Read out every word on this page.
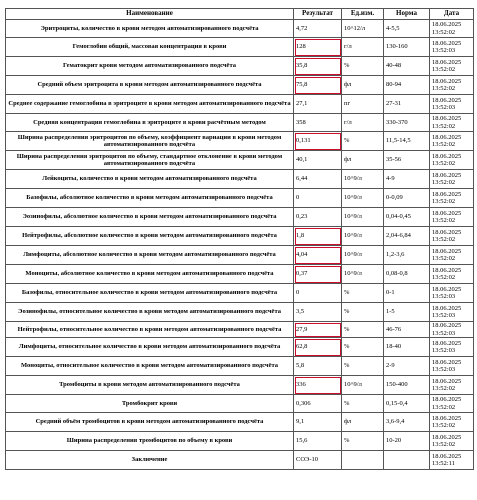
Наименование	Результат	Ед.изм.	Норма	Дата
Эритроциты, количество в крови методом автоматизированного подсчёта	4,72	10^12/л	4-5,5	18.06.2025 13:52:02
Гемоглобин общий, массовая концентрация в крови	128	г/л	130-160	18.06.2025 13:52:03
Гематокрит крови методом автоматизированного подсчёта	35,8	%	40-48	18.06.2025 13:52:02
Средний объем эритроцита в крови методом автоматизированного подсчёта	75,8	фл	80-94	18.06.2025 13:52:02
Среднее содержание гемоглобина в эритроците в крови методом автоматизированного подсчёта	27,1	пг	27-31	18.06.2025 13:52:03
Средняя концентрация гемоглобина в эритроците в крови расчётным методом	358	г/л	330-370	18.06.2025 13:52:02
Ширина распределения эритроцитов по объему, коэффициент вариации в крови методом автоматизированного подсчёта	0,131	%	11,5-14,5	18.06.2025 13:52:02
Ширина распределения эритроцитов по объему, стандартное отклонение в крови методом автоматизированного подсчёта	40,1	фл	35-56	18.06.2025 13:52:02
Лейкоциты, количество в крови методом автоматизированного подсчёта	6,44	10^9/л	4-9	18.06.2025 13:52:02
Базофилы, абсолютное количество в крови методом автоматизированного подсчёта	0	10^9/л	0-0,09	18.06.2025 13:52:02
Эозинофилы, абсолютное количество в крови методом автоматизированного подсчёта	0,23	10^9/л	0,04-0,45	18.06.2025 13:52:02
Нейтрофилы, абсолютное количество в крови методом автоматизированного подсчёта	1,8	10^9/л	2,04-6,84	18.06.2025 13:52:02
Лимфоциты, абсолютное количество в крови методом автоматизированного подсчёта	4,04	10^9/л	1,2-3,6	18.06.2025 13:52:02
Моноциты, абсолютное количество в крови методом автоматизированного подсчёта	0,37	10^9/л	0,08-0,8	18.06.2025 13:52:02
Базофилы, относительное количество в крови методом автоматизированного подсчёта	0	%	0-1	18.06.2025 13:52:03
Эозинофилы, относительное количество в крови методом автоматизированного подсчёта	3,5	%	1-5	18.06.2025 13:52:03
Нейтрофилы, относительное количество в крови методом автоматизированного подсчёта	27,9	%	46-76	18.06.2025 13:52:03
Лимфоциты, относительное количество в крови методом автоматизированного подсчёта	62,8	%	18-40	18.06.2025 13:52:03
Моноциты, относительное количество в крови методом автоматизированного подсчёта	5,8	%	2-9	18.06.2025 13:52:03
Тромбоциты в крови методом автоматизированного подсчёта	336	10^9/л	150-400	18.06.2025 13:52:02
Тромбокрит крови	0,306	%	0,15-0,4	18.06.2025 13:52:02
Средний объём тромбоцитов в крови методом автоматизированного подсчёта	9,1	фл	3,6-9,4	18.06.2025 13:52:02
Ширина распределения тромбоцитов по объему в крови	15,6	%	10-20	18.06.2025 13:52:02
Заключение	СОЭ-10			18.06.2025 13:52:11
